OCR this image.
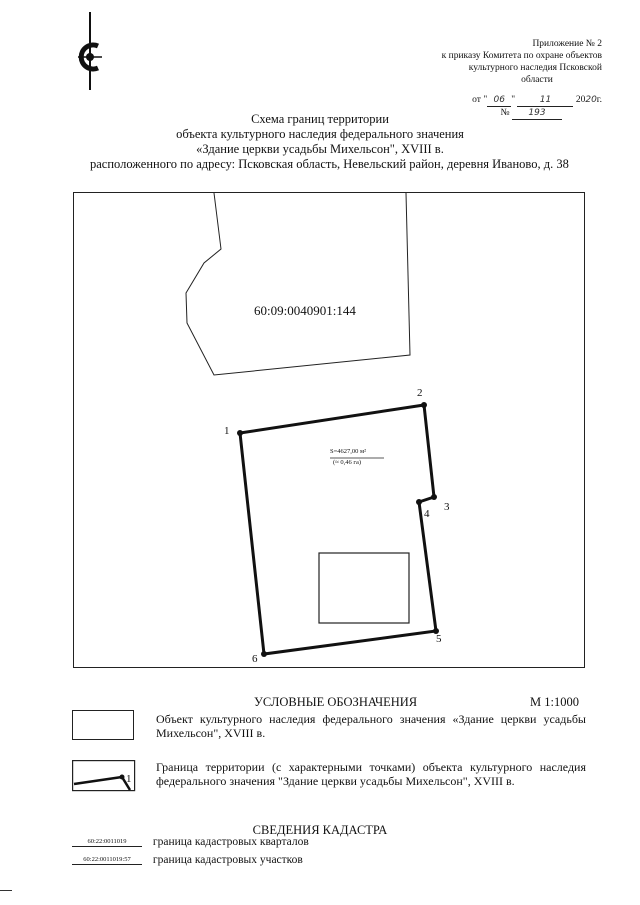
Приложение № 2
к приказу Комитета по охране объектов
культурного наследия Псковской
области
от " 06 " 11	2020г.
№ 193
Схема границ территории
объекта культурного наследия федерального значения
«Здание церкви усадьбы Михельсон", XVIII в.
расположенного по адресу: Псковская область, Невельский район, деревня Иваново, д. 38
60:09:0040901:144
S=4627,00 м²
(≈ 0,46 га)
1
2
3
4
5
6
УСЛОВНЫЕ ОБОЗНАЧЕНИЯ	М 1:1000
Объект культурного наследия федерального значения «Здание церкви усадьбы Михельсон", XVIII в.
1
Граница территории (с характерными точками) объекта культурного наследия федерального значения "Здание церкви усадьбы Михельсон", XVIII в.
СВЕДЕНИЯ КАДАСТРА
60:22:0011019 граница кадастровых кварталов
60:22:0011019:57 граница кадастровых участков
